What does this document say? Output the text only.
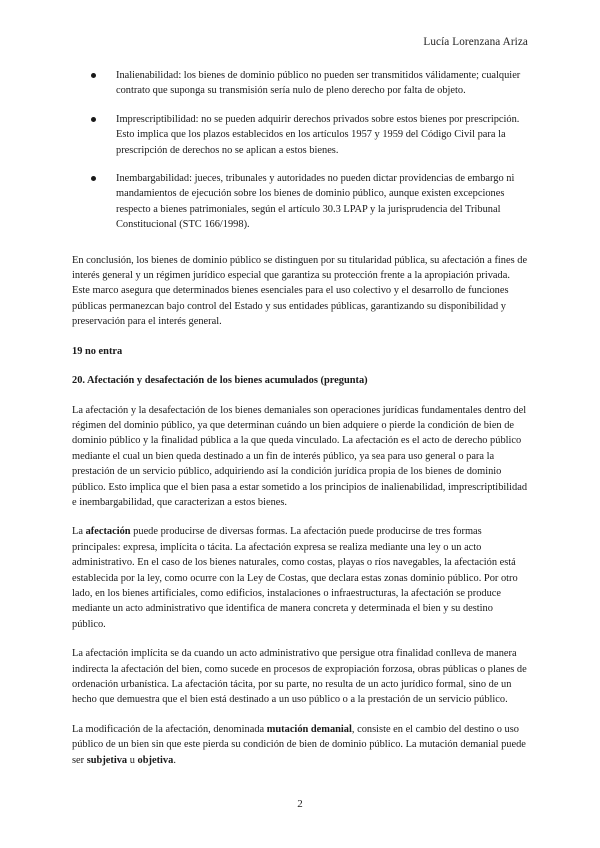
Lucía Lorenzana Ariza
Inalienabilidad: los bienes de dominio público no pueden ser transmitidos válidamente; cualquier contrato que suponga su transmisión sería nulo de pleno derecho por falta de objeto.
Imprescriptibilidad: no se pueden adquirir derechos privados sobre estos bienes por prescripción. Esto implica que los plazos establecidos en los artículos 1957 y 1959 del Código Civil para la prescripción de derechos no se aplican a estos bienes.
Inembargabilidad: jueces, tribunales y autoridades no pueden dictar providencias de embargo ni mandamientos de ejecución sobre los bienes de dominio público, aunque existen excepciones respecto a bienes patrimoniales, según el artículo 30.3 LPAP y la jurisprudencia del Tribunal Constitucional (STC 166/1998).

En conclusión, los bienes de dominio público se distinguen por su titularidad pública, su afectación a fines de interés general y un régimen jurídico especial que garantiza su protección frente a la apropiación privada. Este marco asegura que determinados bienes esenciales para el uso colectivo y el desarrollo de funciones públicas permanezcan bajo control del Estado y sus entidades públicas, garantizando su disponibilidad y preservación para el interés general.

19 no entra
20. Afectación y desafectación de los bienes acumulados (pregunta)

La afectación y la desafectación de los bienes demaniales son operaciones jurídicas fundamentales dentro del régimen del dominio público, ya que determinan cuándo un bien adquiere o pierde la condición de bien de dominio público y la finalidad pública a la que queda vinculado. La afectación es el acto de derecho público mediante el cual un bien queda destinado a un fin de interés público, ya sea para uso general o para la prestación de un servicio público, adquiriendo así la condición jurídica propia de los bienes de dominio público. Esto implica que el bien pasa a estar sometido a los principios de inalienabilidad, imprescriptibilidad e inembargabilidad, que caracterizan a estos bienes.

La afectación puede producirse de diversas formas. La afectación puede producirse de tres formas principales: expresa, implícita o tácita. La afectación expresa se realiza mediante una ley o un acto administrativo. En el caso de los bienes naturales, como costas, playas o ríos navegables, la afectación está establecida por la ley, como ocurre con la Ley de Costas, que declara estas zonas dominio público. Por otro lado, en los bienes artificiales, como edificios, instalaciones o infraestructuras, la afectación se produce mediante un acto administrativo que identifica de manera concreta y determinada el bien y su destino público.

La afectación implícita se da cuando un acto administrativo que persigue otra finalidad conlleva de manera indirecta la afectación del bien, como sucede en procesos de expropiación forzosa, obras públicas o planes de ordenación urbanística. La afectación tácita, por su parte, no resulta de un acto jurídico formal, sino de un hecho que demuestra que el bien está destinado a un uso público o a la prestación de un servicio público.

La modificación de la afectación, denominada mutación demanial, consiste en el cambio del destino o uso público de un bien sin que este pierda su condición de bien de dominio público. La mutación demanial puede ser subjetiva u objetiva.

2
